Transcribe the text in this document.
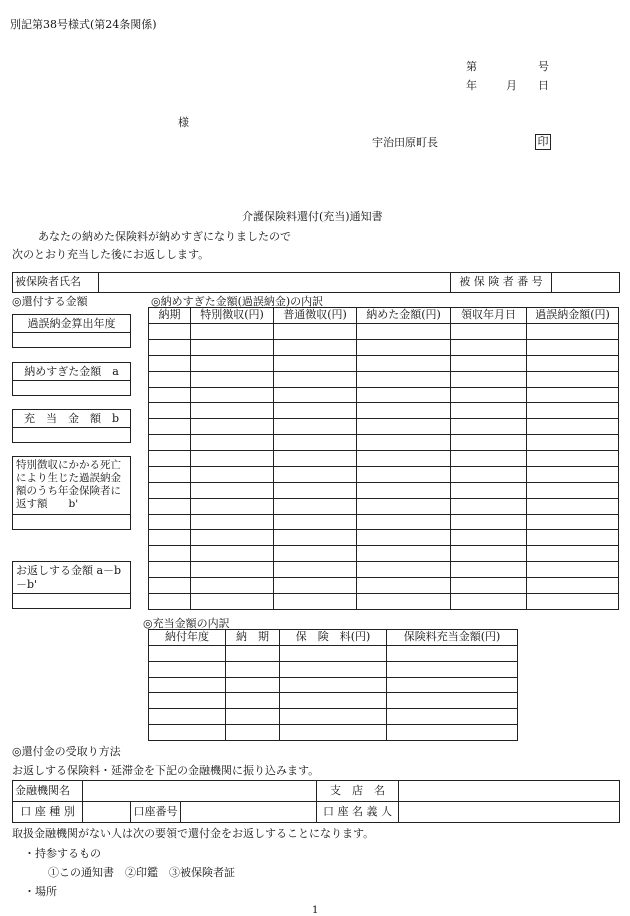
別記第38号様式(第24条関係)
第	号
年	月 日
様
宇治田原町長	印
介護保険料還付(充当)通知書
あなたの納めた保険料が納めすぎになりましたので
次のとおり充当した後にお返しします。
被保険者氏名		被 保 険 者 番 号	
◎還付する金額
過誤納金算出年度
納めすぎた金額　a
充　当　金　額　b
特別徴収にかかる死亡により生じた過誤納金額のうち年金保険者に返す額　　b'
お返しする金額 a－b－b'
◎納めすぎた金額(過誤納金)の内訳
納期	特別徴収(円)	普通徴収(円)	納めた金額(円)	領収年月日	過誤納金額(円)

◎充当金額の内訳
納付年度	納　期	保　険　料(円)	保険料充当金額(円)

◎還付金の受取り方法
お返しする保険料・延滞金を下記の金融機関に振り込みます。
金融機関名				支　店　名	
口 座 種 別		口座番号		口 座 名 義 人	
取扱金融機関がない人は次の要領で還付金をお返しすることになります。
・持参するもの
①この通知書　②印鑑　③被保険者証
・場所
1
